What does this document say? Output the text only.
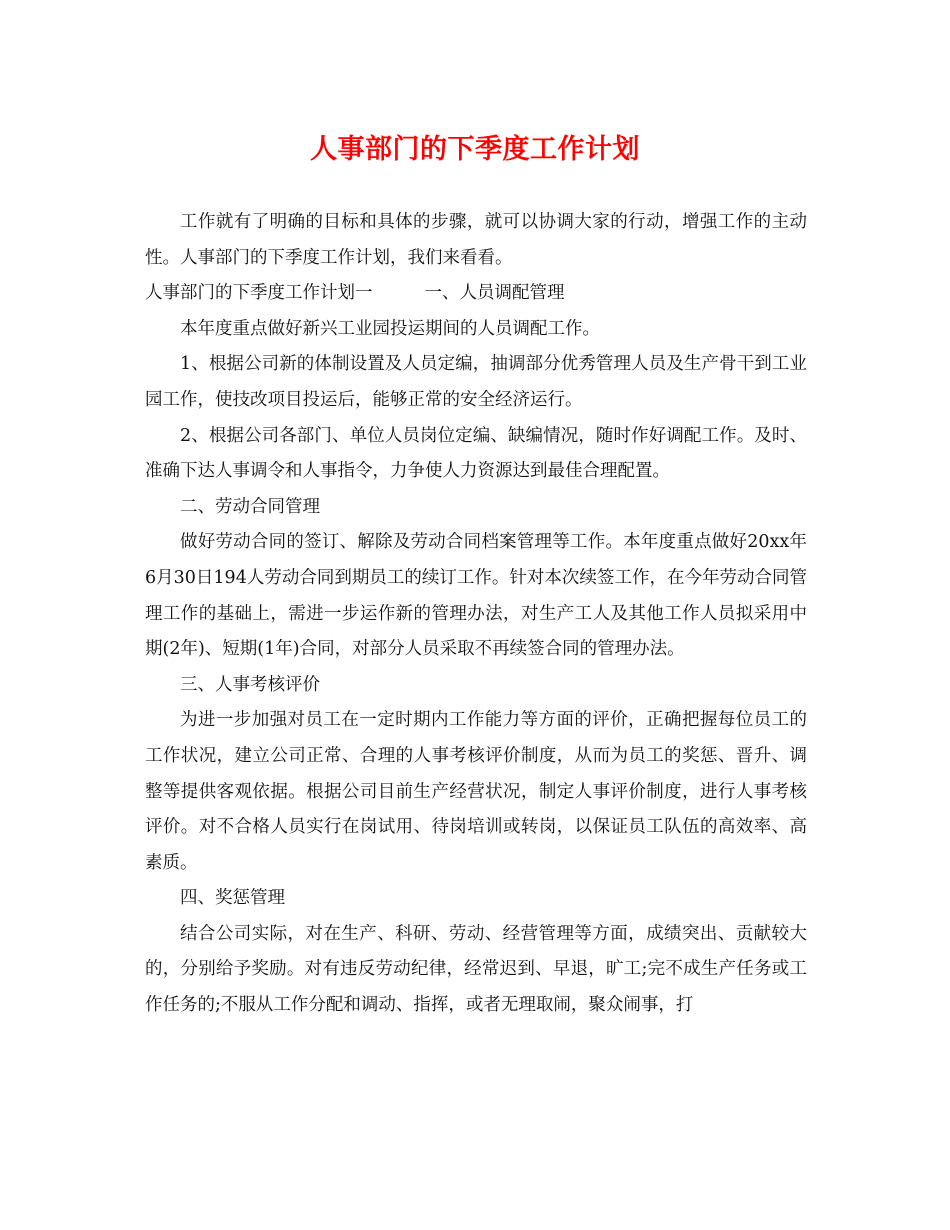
人事部门的下季度工作计划

工作就有了明确的目标和具体的步骤，就可以协调大家的行动，增强工作的主动性。人事部门的下季度工作计划，我们来看看。

人事部门的下季度工作计划一	一、人员调配管理

本年度重点做好新兴工业园投运期间的人员调配工作。

1、根据公司新的体制设置及人员定编，抽调部分优秀管理人员及生产骨干到工业园工作，使技改项目投运后，能够正常的安全经济运行。

2、根据公司各部门、单位人员岗位定编、缺编情况，随时作好调配工作。及时、准确下达人事调令和人事指令，力争使人力资源达到最佳合理配置。

二、劳动合同管理

做好劳动合同的签订、解除及劳动合同档案管理等工作。本年度重点做好20xx年6月30日194人劳动合同到期员工的续订工作。针对本次续签工作，在今年劳动合同管理工作的基础上，需进一步运作新的管理办法，对生产工人及其他工作人员拟采用中期(2年)、短期(1年)合同，对部分人员采取不再续签合同的管理办法。

三、人事考核评价

为进一步加强对员工在一定时期内工作能力等方面的评价，正确把握每位员工的工作状况，建立公司正常、合理的人事考核评价制度，从而为员工的奖惩、晋升、调整等提供客观依据。根据公司目前生产经营状况，制定人事评价制度，进行人事考核评价。对不合格人员实行在岗试用、待岗培训或转岗，以保证员工队伍的高效率、高素质。

四、奖惩管理

结合公司实际，对在生产、科研、劳动、经营管理等方面，成绩突出、贡献较大的，分别给予奖励。对有违反劳动纪律，经常迟到、早退，旷工;完不成生产任务或工作任务的;不服从工作分配和调动、指挥，或者无理取闹，聚众闹事，打
